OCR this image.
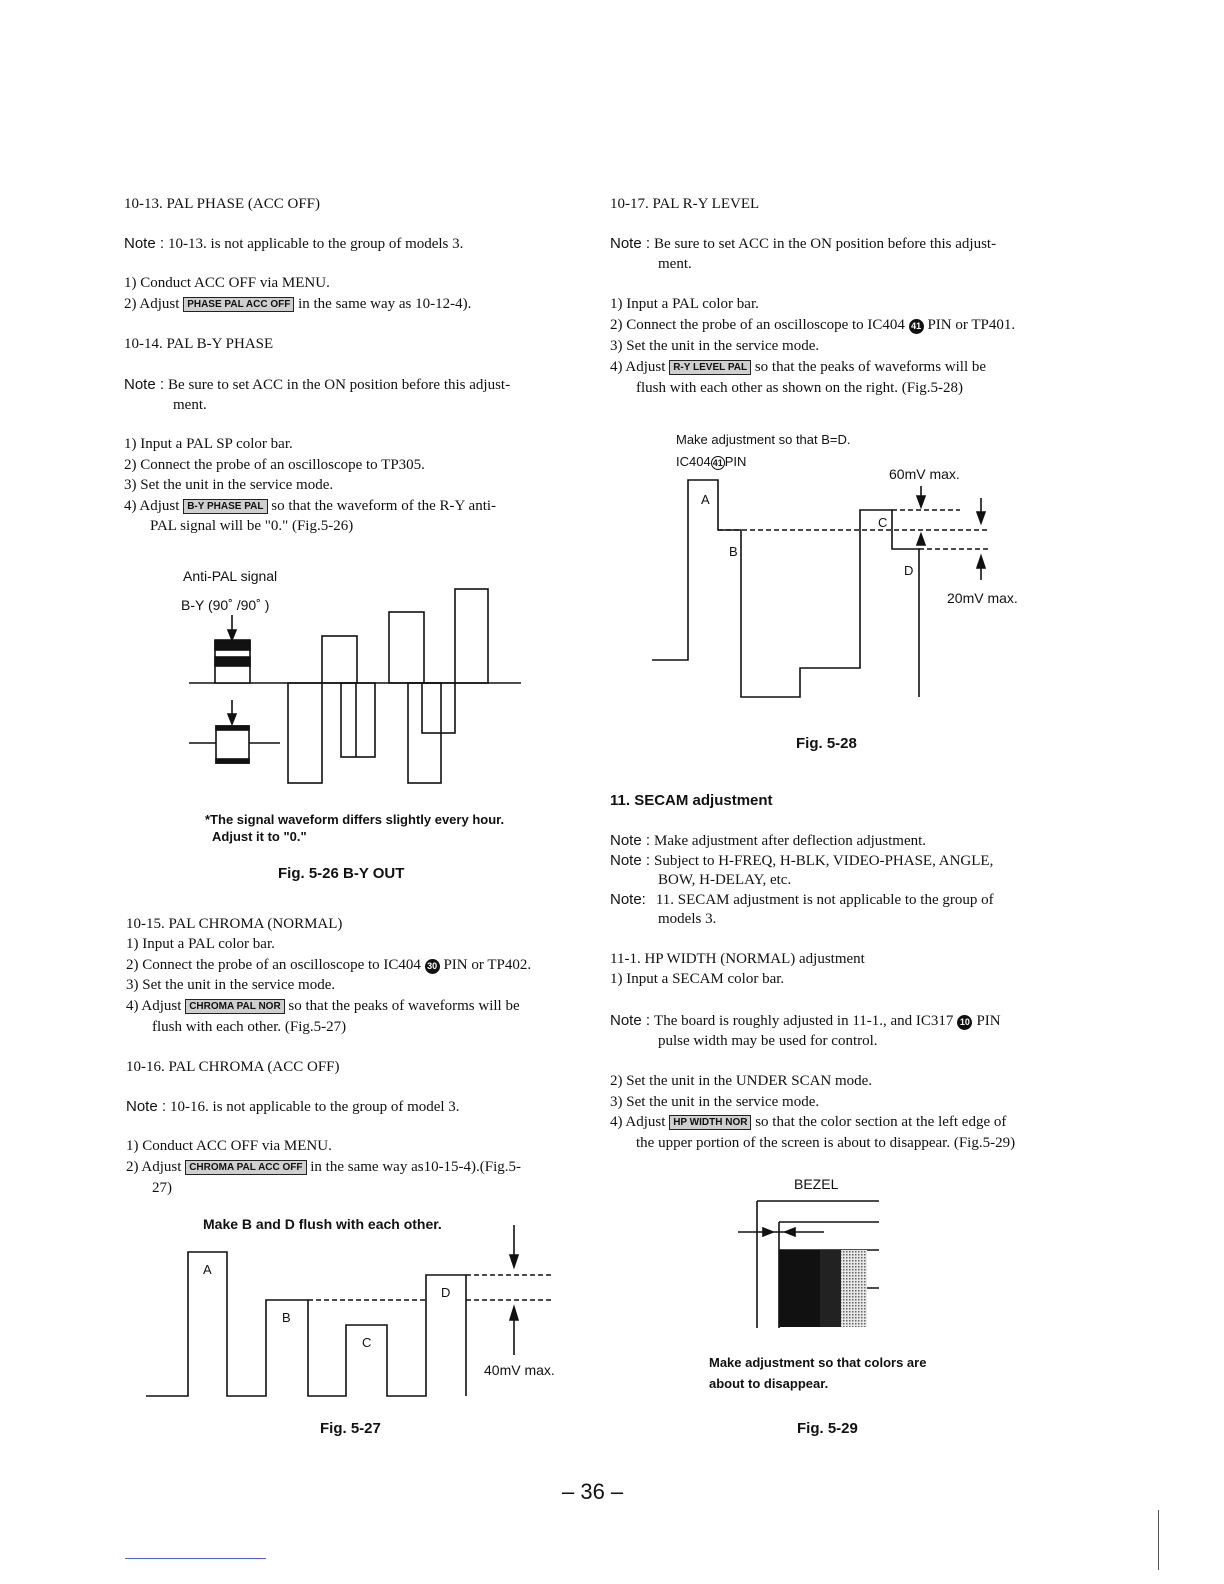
10-13. PAL PHASE (ACC OFF)
Note : 10-13. is not applicable to the group of models 3.
1) Conduct ACC OFF via MENU.
2) Adjust PHASE PAL ACC OFF in the same way as 10-12-4).
10-14. PAL B-Y PHASE
Note : Be sure to set ACC in the ON position before this adjust-
ment.
1) Input a PAL SP color bar.
2) Connect the probe of an oscilloscope to TP305.
3) Set the unit in the service mode.
4) Adjust B-Y PHASE PAL so that the waveform of the R-Y anti-
PAL signal will be "0." (Fig.5-26)
Anti-PAL signal
B-Y (90˚ /90˚ )
*The signal waveform differs slightly every hour.
Adjust it to "0."
Fig. 5-26 B-Y OUT
10-15. PAL CHROMA (NORMAL)
1) Input a PAL color bar.
2) Connect the probe of an oscilloscope to IC404 30 PIN or TP402.
3) Set the unit in the service mode.
4) Adjust CHROMA PAL NOR so that the peaks of waveforms will be
flush with each other. (Fig.5-27)
10-16. PAL CHROMA (ACC OFF)
Note : 10-16. is not applicable to the group of model 3.
1) Conduct ACC OFF via MENU.
2) Adjust CHROMA PAL ACC OFF in the same way as10-15-4).(Fig.5-
27)
Make B and D flush with each other.
A
B
C
D
40mV max.
Fig. 5-27
10-17. PAL R-Y LEVEL
Note : Be sure to set ACC in the ON position before this adjust-
ment.
1) Input a PAL color bar.
2) Connect the probe of an oscilloscope to IC404 41 PIN or TP401.
3) Set the unit in the service mode.
4) Adjust R-Y LEVEL PAL so that the peaks of waveforms will be
flush with each other as shown on the right. (Fig.5-28)
Make adjustment so that B=D.
IC404 41 PIN
A
B
C
D
60mV max.
20mV max.
Fig. 5-28
11. SECAM adjustment
Note : Make adjustment after deflection adjustment.
Note : Subject to H-FREQ, H-BLK, VIDEO-PHASE, ANGLE,
BOW, H-DELAY, etc.
Note: 11. SECAM adjustment is not applicable to the group of
models 3.
11-1. HP WIDTH (NORMAL) adjustment
1) Input a SECAM color bar.
Note : The board is roughly adjusted in 11-1., and IC317 10 PIN
pulse width may be used for control.
2) Set the unit in the UNDER SCAN mode.
3) Set the unit in the service mode.
4) Adjust HP WIDTH NOR so that the color section at the left edge of
the upper portion of the screen is about to disappear. (Fig.5-29)
BEZEL
Make adjustment so that colors are
about to disappear.
Fig. 5-29
– 36 –
